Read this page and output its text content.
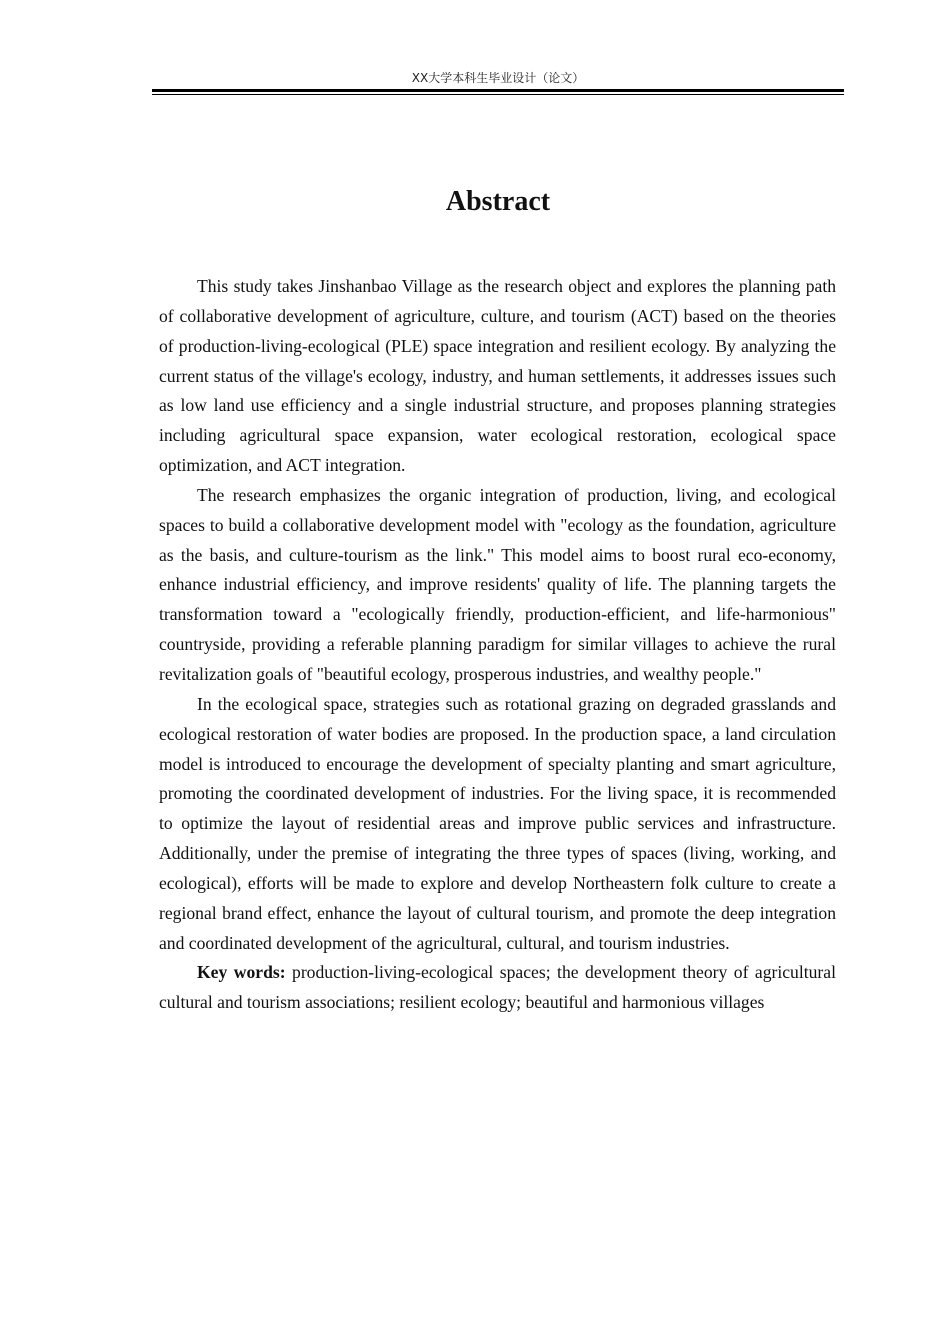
XX大学本科生毕业设计（论文）
Abstract

This study takes Jinshanbao Village as the research object and explores the planning path of collaborative development of agriculture, culture, and tourism (ACT) based on the theories of production-living-ecological (PLE) space integration and resilient ecology. By analyzing the current status of the village's ecology, industry, and human settlements, it addresses issues such as low land use efficiency and a single industrial structure, and proposes planning strategies including agricultural space expansion, water ecological restoration, ecological space optimization, and ACT integration.

The research emphasizes the organic integration of production, living, and ecological spaces to build a collaborative development model with "ecology as the foundation, agriculture as the basis, and culture-tourism as the link." This model aims to boost rural eco-economy, enhance industrial efficiency, and improve residents' quality of life. The planning targets the transformation toward a "ecologically friendly, production-efficient, and life-harmonious" countryside, providing a referable planning paradigm for similar villages to achieve the rural revitalization goals of "beautiful ecology, prosperous industries, and wealthy people."

In the ecological space, strategies such as rotational grazing on degraded grasslands and ecological restoration of water bodies are proposed. In the production space, a land circulation model is introduced to encourage the development of specialty planting and smart agriculture, promoting the coordinated development of industries. For the living space, it is recommended to optimize the layout of residential areas and improve public services and infrastructure. Additionally, under the premise of integrating the three types of spaces (living, working, and ecological), efforts will be made to explore and develop Northeastern folk culture to create a regional brand effect, enhance the layout of cultural tourism, and promote the deep integration and coordinated development of the agricultural, cultural, and tourism industries.

Key words: production-living-ecological spaces; the development theory of agricultural cultural and tourism associations; resilient ecology; beautiful and harmonious villages
